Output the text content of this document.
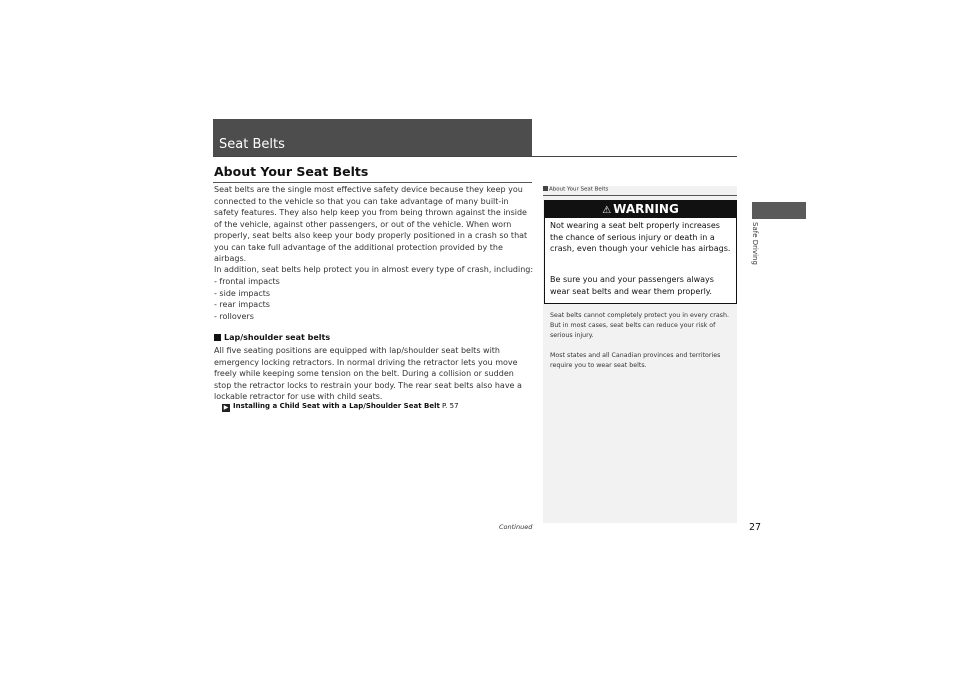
Seat Belts
About Your Seat Belts
Seat belts are the single most effective safety device because they keep you connected to the vehicle so that you can take advantage of many built-in safety features. They also help keep you from being thrown against the inside of the vehicle, against other passengers, or out of the vehicle. When worn properly, seat belts also keep your body properly positioned in a crash so that you can take full advantage of the additional protection provided by the airbags.
In addition, seat belts help protect you in almost every type of crash, including:
- frontal impacts
- side impacts
- rear impacts
- rollovers
Lap/shoulder seat belts
All five seating positions are equipped with lap/shoulder seat belts with emergency locking retractors. In normal driving the retractor lets you move freely while keeping some tension on the belt. During a collision or sudden stop the retractor locks to restrain your body. The rear seat belts also have a lockable retractor for use with child seats.
▶ Installing a Child Seat with a Lap/Shoulder Seat Belt P. 57
About Your Seat Belts
⚠ WARNING
Not wearing a seat belt properly increases the chance of serious injury or death in a crash, even though your vehicle has airbags.
Be sure you and your passengers always wear seat belts and wear them properly.
Seat belts cannot completely protect you in every crash. But in most cases, seat belts can reduce your risk of serious injury.
Most states and all Canadian provinces and territories require you to wear seat belts.
Continued	27
Safe Driving
